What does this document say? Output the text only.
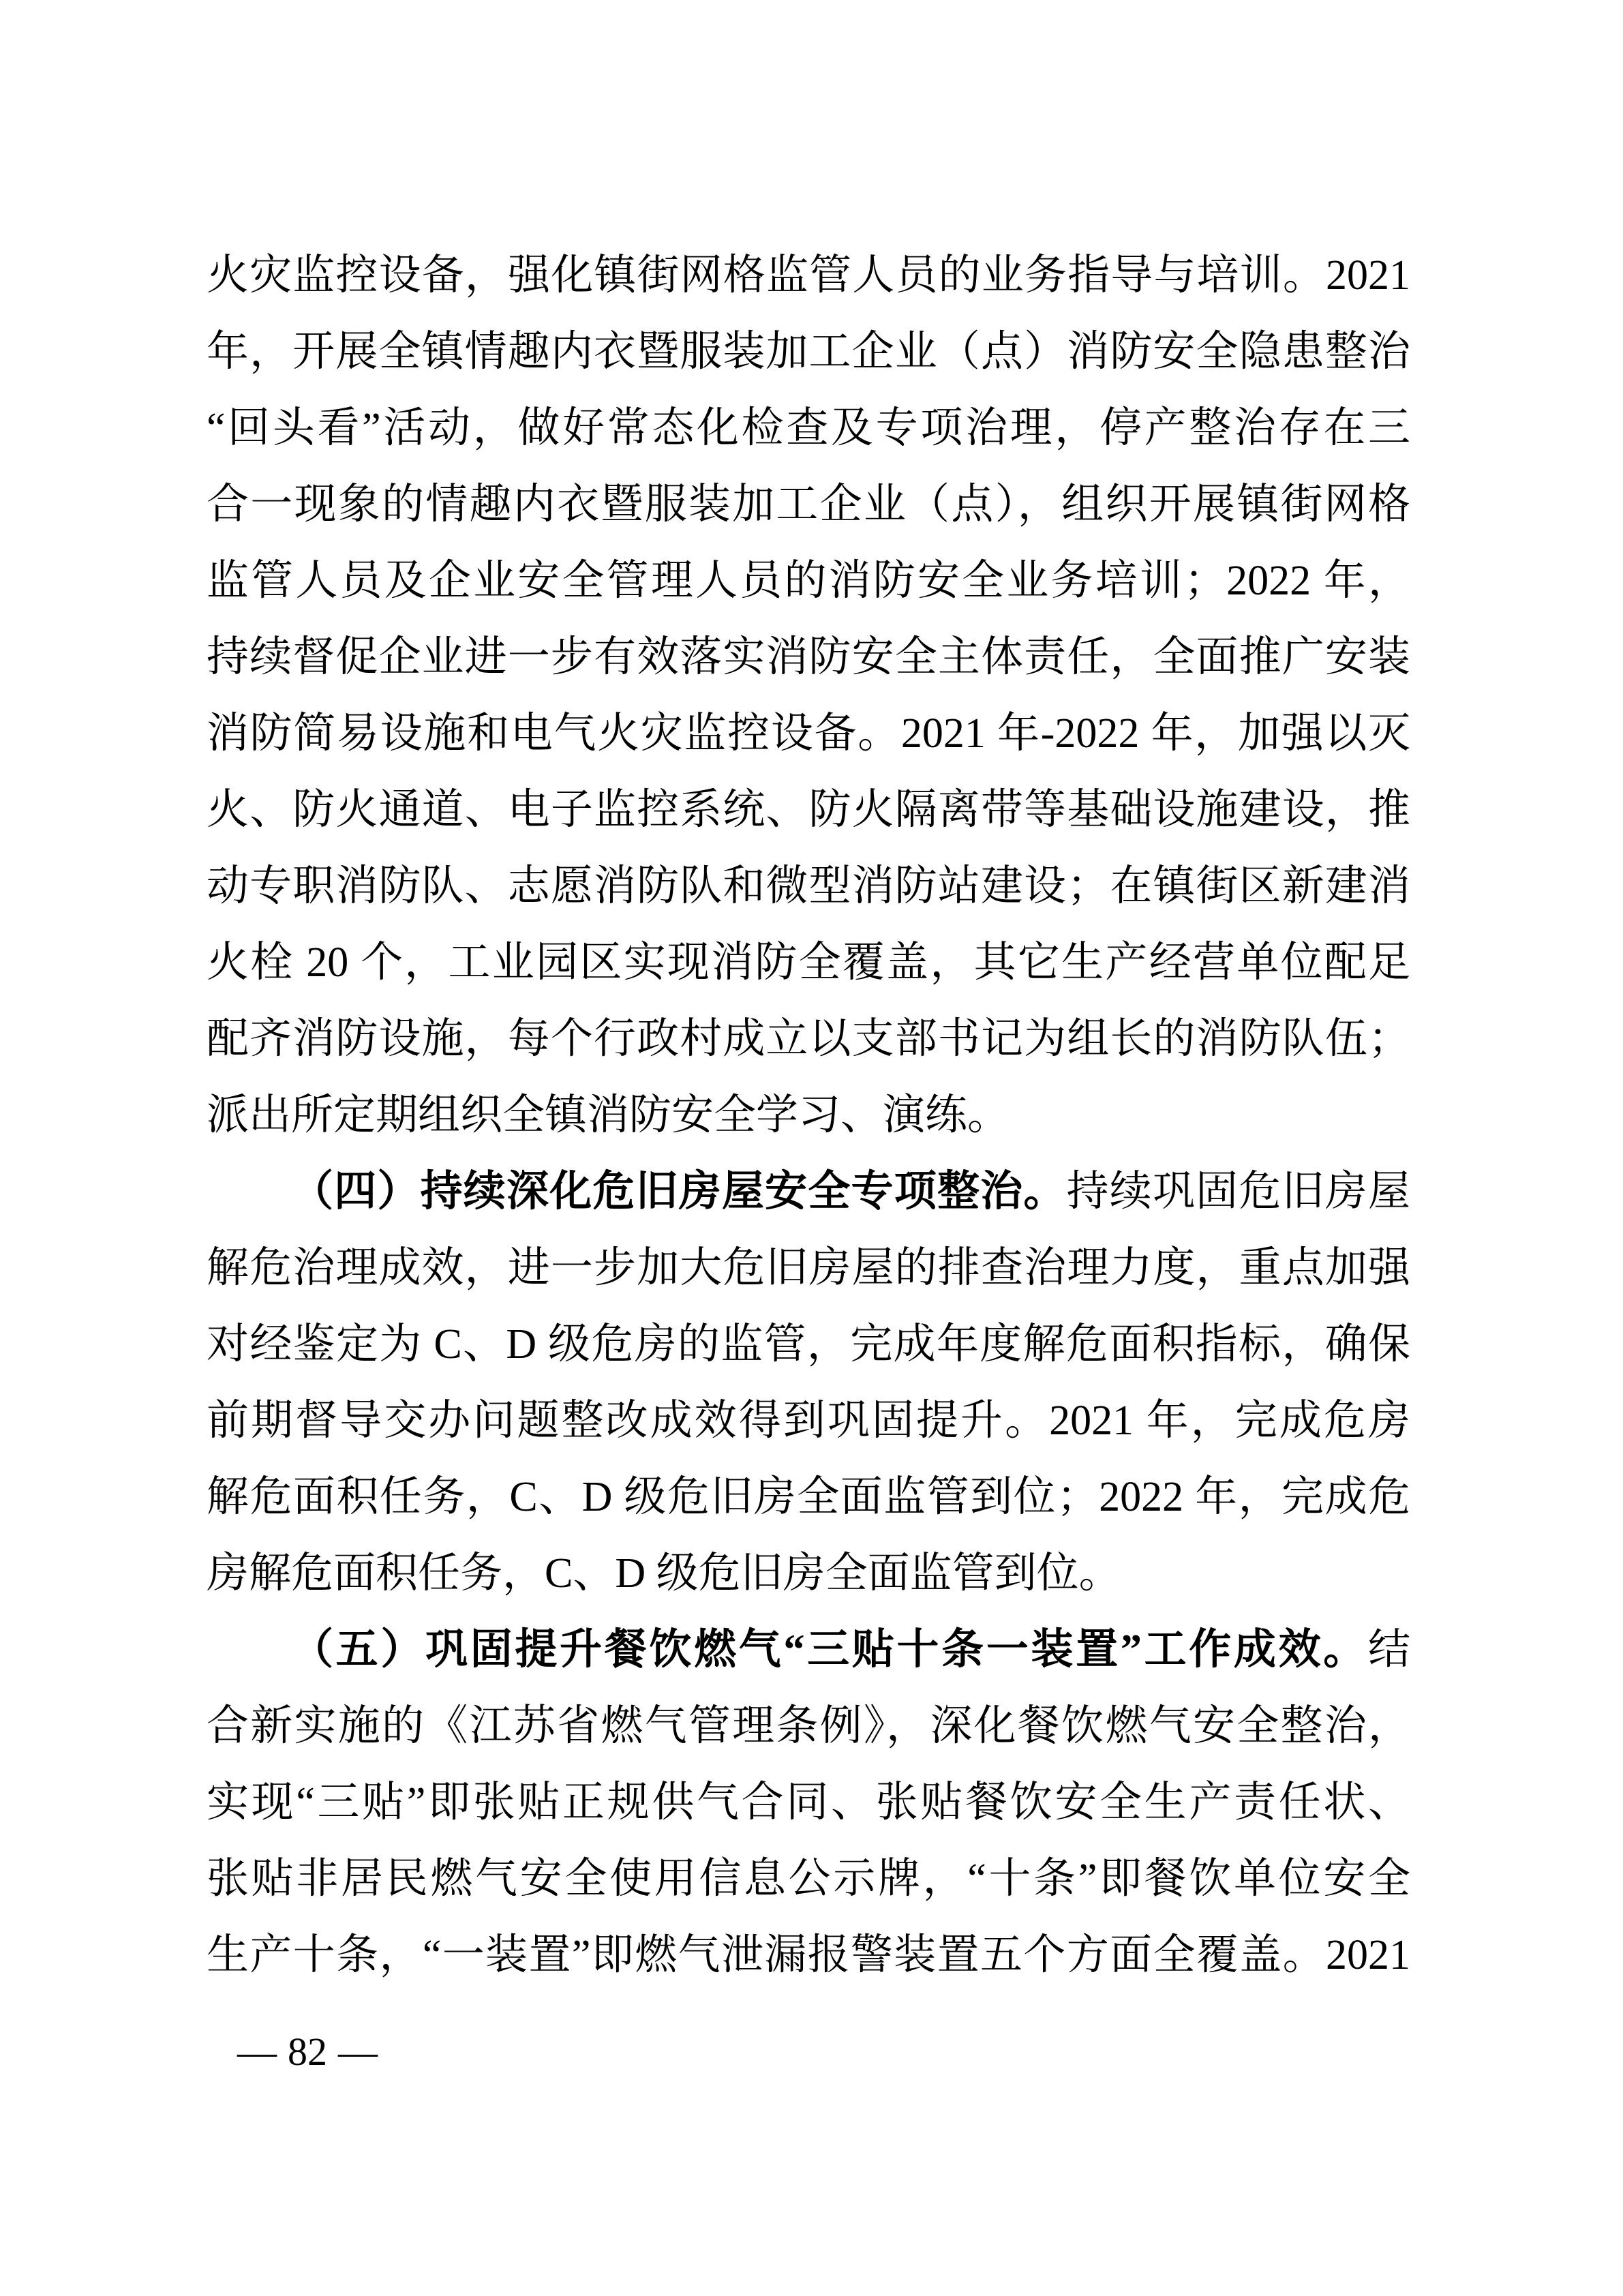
火灾监控设备，强化镇街网格监管人员的业务指导与培训。2021
年，开展全镇情趣内衣暨服装加工企业（点）消防安全隐患整治
“回头看”活动，做好常态化检查及专项治理，停产整治存在三
合一现象的情趣内衣暨服装加工企业（点），组织开展镇街网格
监管人员及企业安全管理人员的消防安全业务培训；2022 年，
持续督促企业进一步有效落实消防安全主体责任，全面推广安装
消防简易设施和电气火灾监控设备。2021 年-2022 年，加强以灭
火、防火通道、电子监控系统、防火隔离带等基础设施建设，推
动专职消防队、志愿消防队和微型消防站建设；在镇街区新建消
火栓 20 个，工业园区实现消防全覆盖，其它生产经营单位配足
配齐消防设施，每个行政村成立以支部书记为组长的消防队伍；
派出所定期组织全镇消防安全学习、演练。
（四）持续深化危旧房屋安全专项整治。持续巩固危旧房屋
解危治理成效，进一步加大危旧房屋的排查治理力度，重点加强
对经鉴定为 C、D 级危房的监管，完成年度解危面积指标，确保
前期督导交办问题整改成效得到巩固提升。2021 年，完成危房
解危面积任务，C、D 级危旧房全面监管到位；2022 年，完成危
房解危面积任务，C、D 级危旧房全面监管到位。
（五）巩固提升餐饮燃气“三贴十条一装置”工作成效。结
合新实施的《江苏省燃气管理条例》，深化餐饮燃气安全整治，
实现“三贴”即张贴正规供气合同、张贴餐饮安全生产责任状、
张贴非居民燃气安全使用信息公示牌，“十条”即餐饮单位安全
生产十条，“一装置”即燃气泄漏报警装置五个方面全覆盖。2021
— 82 —
